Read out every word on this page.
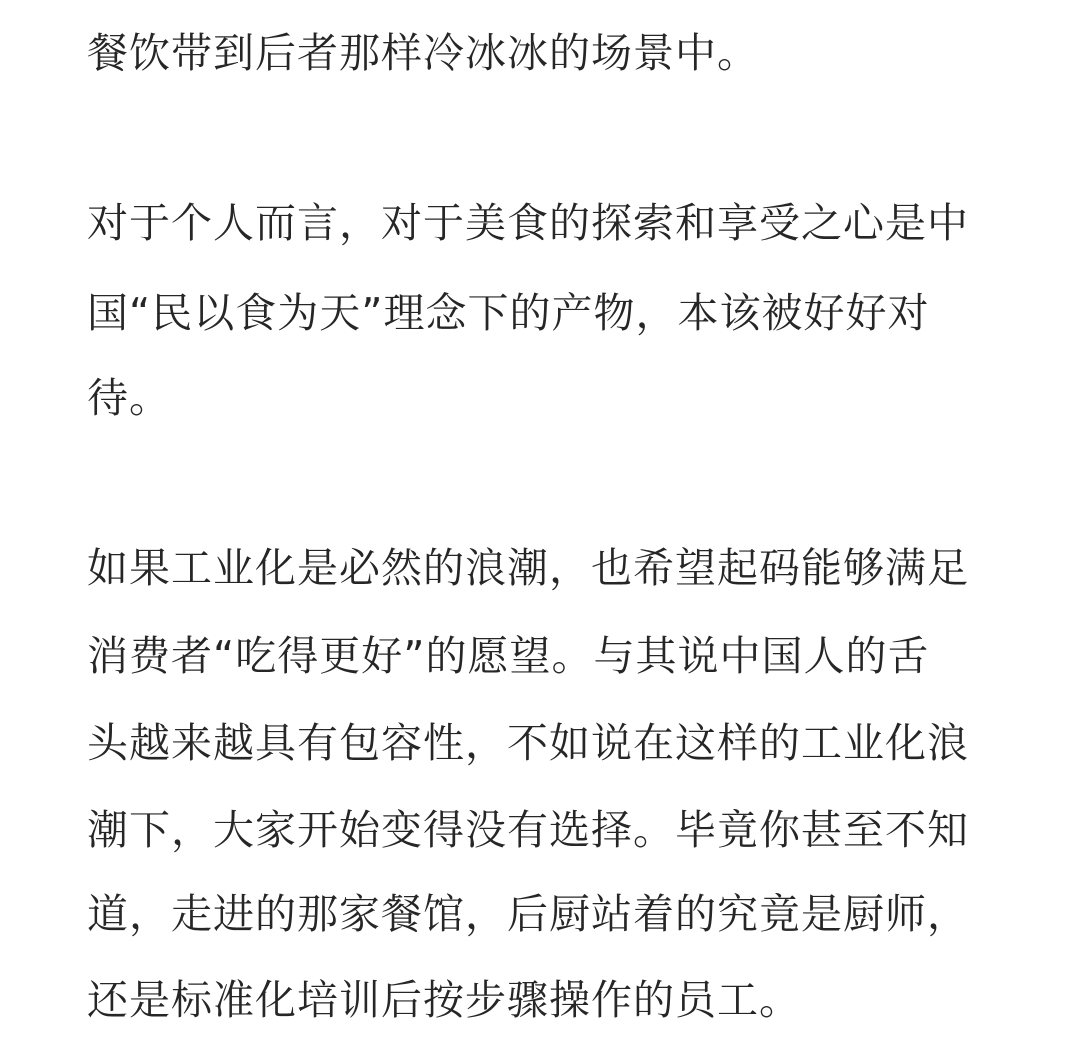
餐饮带到后者那样冷冰冰的场景中。
对于个人而言，对于美食的探索和享受之心是中
国“民以食为天”理念下的产物，本该被好好对
待。
如果工业化是必然的浪潮，也希望起码能够满足
消费者“吃得更好”的愿望。与其说中国人的舌
头越来越具有包容性，不如说在这样的工业化浪
潮下，大家开始变得没有选择。毕竟你甚至不知
道，走进的那家餐馆，后厨站着的究竟是厨师，
还是标准化培训后按步骤操作的员工。
